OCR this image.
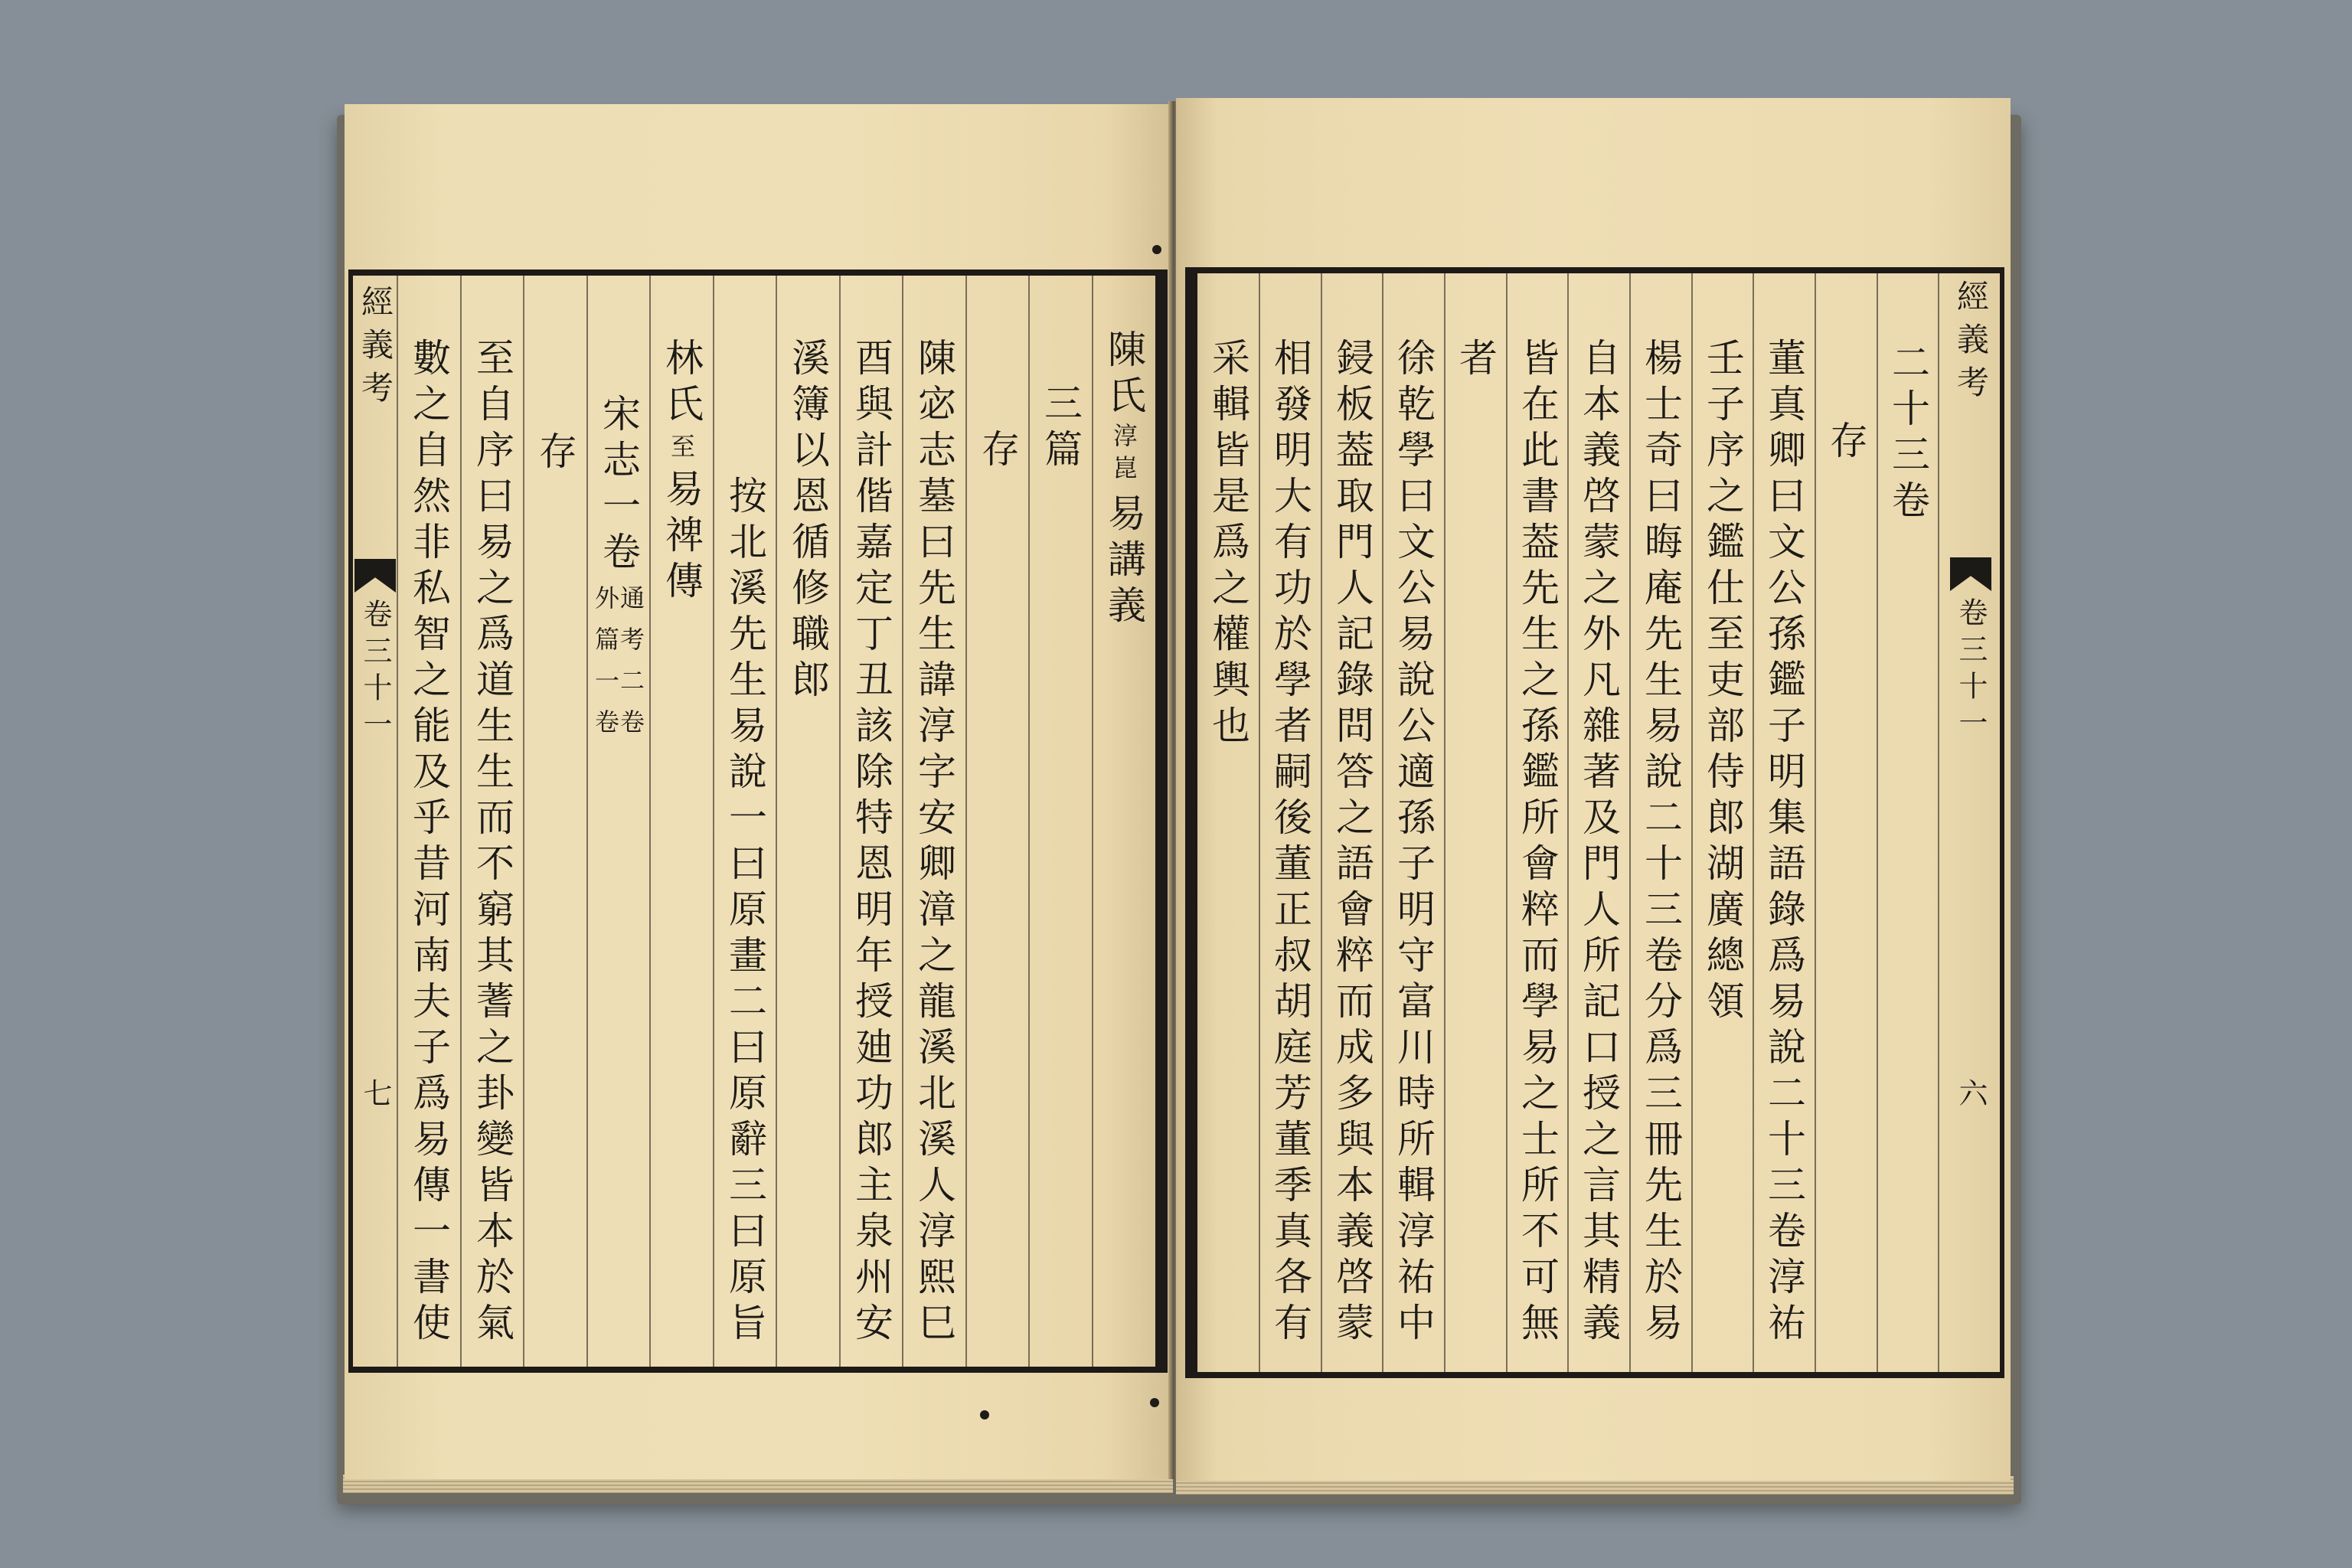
經義考
卷三十一
七
陳氏
淳崑
易講義
三篇
存
陳宓志墓曰先生諱淳字安卿漳之龍溪北溪人淳熙巳
酉與計偕嘉定丁丑該除特恩明年授廸功郎主泉州安
溪簿以恩循修職郎
按北溪先生易說一曰原畫二曰原辭三曰原旨
林氏
至
易禆傳
宋志一卷
通考二卷
外篇一卷
存
至自序曰易之爲道生生而不窮其蓍之卦變皆本於氣
數之自然非私智之能及乎昔河南夫子爲易傳一書使	經義考
卷三十一
六
二十三卷
存
董真卿曰文公孫鑑子明集語錄爲易說二十三卷淳祐
壬子序之鑑仕至吏部侍郎湖廣總領
楊士奇曰晦庵先生易說二十三卷分爲三冊先生於易
自本義啓蒙之外凡雜著及門人所記口授之言其精義
皆在此書葢先生之孫鑑所會粹而學易之士所不可無
者
徐乾學曰文公易說公適孫子明守富川時所輯淳祐中
鋟板葢取門人記錄問答之語會粹而成多與本義啓蒙
相發明大有功於學者嗣後董正叔胡庭芳董季真各有
采輯皆是爲之權輿也
